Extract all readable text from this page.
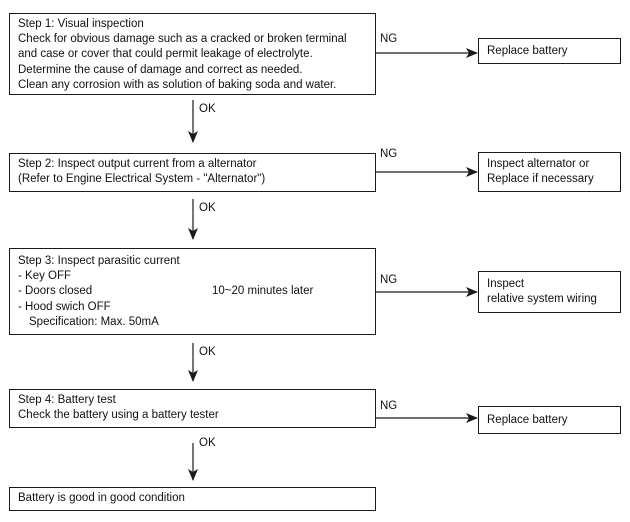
Step 1: Visual inspection
Check for obvious damage such as a cracked or broken terminal
and case or cover that could permit leakage of electrolyte.
Determine the cause of damage and correct as needed.
Clean any corrosion with as solution of baking soda and water.
Step 2: Inspect output current from a alternator
(Refer to Engine Electrical System - "Alternator")
Step 3: Inspect parasitic current
- Key OFF
- Doors closed
- Hood swich OFF
Specification: Max. 50mA
10~20 minutes later
Step 4: Battery test
Check the battery using a battery tester
Battery is good in good condition
Replace battery
Inspect alternator or
Replace if necessary
Inspect
relative system wiring
Replace battery
OK
OK
OK
OK
NG
NG
NG
NG
